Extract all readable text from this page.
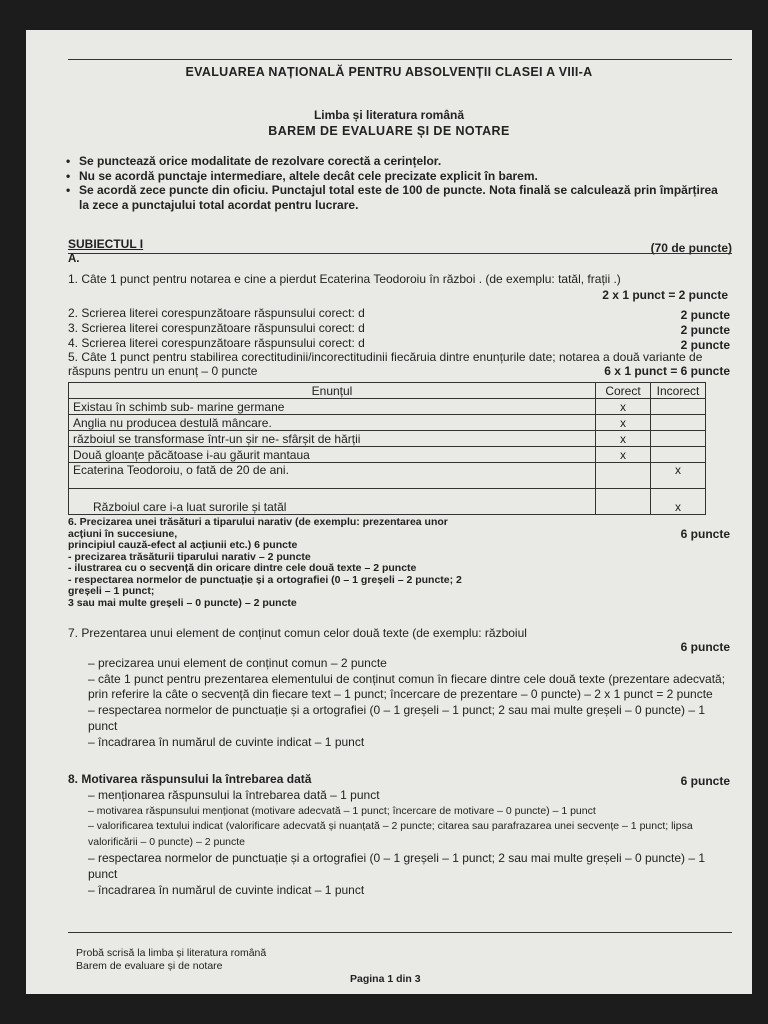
EVALUAREA NAȚIONALĂ PENTRU ABSOLVENȚII CLASEI A VIII-A
Limba și literatura română
BAREM DE EVALUARE ȘI DE NOTARE
• Se punctează orice modalitate de rezolvare corectă a cerințelor.
• Nu se acordă punctaje intermediare, altele decât cele precizate explicit în barem.
• Se acordă zece puncte din oficiu. Punctajul total este de 100 de puncte. Nota finală se calculează prin împărțirea la zece a punctajului total acordat pentru lucrare.
SUBIECTUL I	(70 de puncte)
A.
1. Câte 1 punct pentru notarea e cine a pierdut Ecaterina Teodoroiu în război . (de exemplu: tatăl, frații .)
2 x 1 punct = 2 puncte
2. Scrierea literei corespunzătoare răspunsului corect: d	2 puncte
3. Scrierea literei corespunzătoare răspunsului corect: d	2 puncte
4. Scrierea literei corespunzătoare răspunsului corect: d	2 puncte
5. Câte 1 punct pentru stabilirea corectitudinii/incorectitudinii fiecăruia dintre enunțurile date; notarea a două variante de răspuns pentru un enunț – 0 puncte	6 x 1 punct = 6 puncte
Enunțul	Corect	Incorect
Existau în schimb sub- marine germane	x	
Anglia nu producea destulă mâncare.	x	
războiul se transformase într-un șir ne- sfârșit de hărții	x	
Două gloanțe păcătoase i-au găurit mantaua	x	
Ecaterina Teodoroiu, o fată de 20 de ani.		x
Războiul care i-a luat surorile și tatăl		x
6. Precizarea unei trăsături a tiparului narativ (de exemplu: prezentarea unor
acțiuni în succesiune,
principiul cauză-efect al acțiunii etc.) 6 puncte
- precizarea trăsăturii tiparului narativ – 2 puncte
- ilustrarea cu o secvență din oricare dintre cele două texte – 2 puncte
- respectarea normelor de punctuație și a ortografiei (0 – 1 greșeli – 2 puncte; 2
greșeli – 1 punct;
3 sau mai multe greșeli – 0 puncte) – 2 puncte
6 puncte
7. Prezentarea unui element de conținut comun celor două texte (de exemplu: războiul
6 puncte
– precizarea unui element de conținut comun – 2 puncte
– câte 1 punct pentru prezentarea elementului de conținut comun în fiecare dintre cele două texte (prezentare adecvată; prin referire la câte o secvență din fiecare text – 1 punct; încercare de prezentare – 0 puncte) – 2 x 1 punct = 2 puncte
– respectarea normelor de punctuație și a ortografiei (0 – 1 greșeli – 1 punct; 2 sau mai multe greșeli – 0 puncte) – 1 punct
– încadrarea în numărul de cuvinte indicat – 1 punct
8. Motivarea răspunsului la întrebarea dată	6 puncte
– menționarea răspunsului la întrebarea dată – 1 punct
– motivarea răspunsului menționat (motivare adecvată – 1 punct; încercare de motivare – 0 puncte) – 1 punct
– valorificarea textului indicat (valorificare adecvată și nuanțată – 2 puncte; citarea sau parafrazarea unei secvențe – 1 punct; lipsa valorificării – 0 puncte) – 2 puncte
– respectarea normelor de punctuație și a ortografiei (0 – 1 greșeli – 1 punct; 2 sau mai multe greșeli – 0 puncte) – 1 punct
– încadrarea în numărul de cuvinte indicat – 1 punct
Probă scrisă la limba și literatura română
Barem de evaluare și de notare
Pagina 1 din 3
